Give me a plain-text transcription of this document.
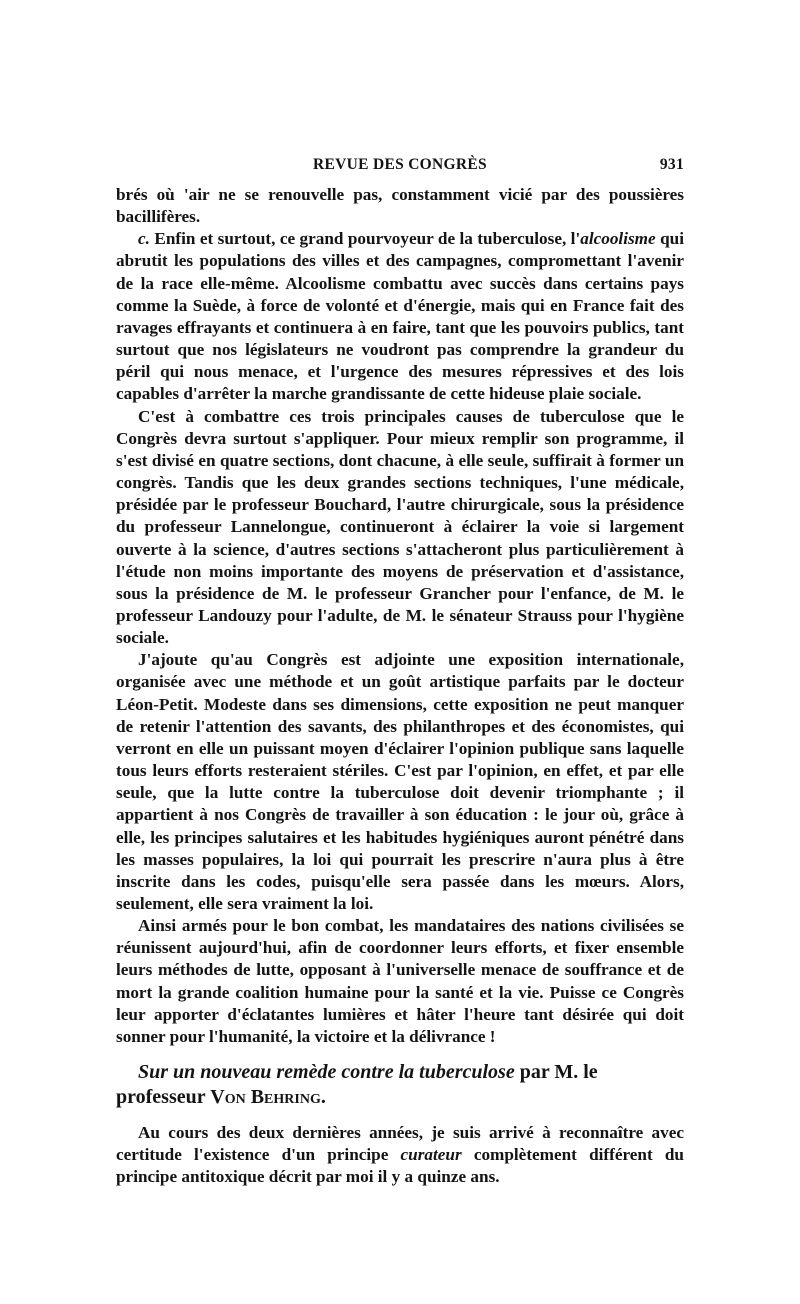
REVUE DES CONGRÈS	931

brés où 'air ne se renouvelle pas, constamment vicié par des poussières bacillifères.

c. Enfin et surtout, ce grand pourvoyeur de la tuberculose, l'alcoolisme qui abrutit les populations des villes et des campagnes, compromettant l'avenir de la race elle-même. Alcoolisme combattu avec succès dans certains pays comme la Suède, à force de volonté et d'énergie, mais qui en France fait des ravages effrayants et continuera à en faire, tant que les pouvoirs publics, tant surtout que nos législateurs ne voudront pas comprendre la grandeur du péril qui nous menace, et l'urgence des mesures répressives et des lois capables d'arrêter la marche grandissante de cette hideuse plaie sociale.

C'est à combattre ces trois principales causes de tuberculose que le Congrès devra surtout s'appliquer. Pour mieux remplir son programme, il s'est divisé en quatre sections, dont chacune, à elle seule, suffirait à former un congrès. Tandis que les deux grandes sections techniques, l'une médicale, présidée par le professeur Bouchard, l'autre chirurgicale, sous la présidence du professeur Lannelongue, continueront à éclairer la voie si largement ouverte à la science, d'autres sections s'attacheront plus particulièrement à l'étude non moins importante des moyens de préservation et d'assistance, sous la présidence de M. le professeur Grancher pour l'enfance, de M. le professeur Landouzy pour l'adulte, de M. le sénateur Strauss pour l'hygiène sociale.

J'ajoute qu'au Congrès est adjointe une exposition internationale, organisée avec une méthode et un goût artistique parfaits par le docteur Léon-Petit. Modeste dans ses dimensions, cette exposition ne peut manquer de retenir l'attention des savants, des philanthropes et des économistes, qui verront en elle un puissant moyen d'éclairer l'opinion publique sans laquelle tous leurs efforts resteraient stériles. C'est par l'opinion, en effet, et par elle seule, que la lutte contre la tuberculose doit devenir triomphante ; il appartient à nos Congrès de travailler à son éducation : le jour où, grâce à elle, les principes salutaires et les habitudes hygiéniques auront pénétré dans les masses populaires, la loi qui pourrait les prescrire n'aura plus à être inscrite dans les codes, puisqu'elle sera passée dans les mœurs. Alors, seulement, elle sera vraiment la loi.

Ainsi armés pour le bon combat, les mandataires des nations civilisées se réunissent aujourd'hui, afin de coordonner leurs efforts, et fixer ensemble leurs méthodes de lutte, opposant à l'universelle menace de souffrance et de mort la grande coalition humaine pour la santé et la vie. Puisse ce Congrès leur apporter d'éclatantes lumières et hâter l'heure tant désirée qui doit sonner pour l'humanité, la victoire et la délivrance !

Sur un nouveau remède contre la tuberculose par M. le professeur Von Behring.

Au cours des deux dernières années, je suis arrivé à reconnaître avec certitude l'existence d'un principe curateur complètement différent du principe antitoxique décrit par moi il y a quinze ans.
